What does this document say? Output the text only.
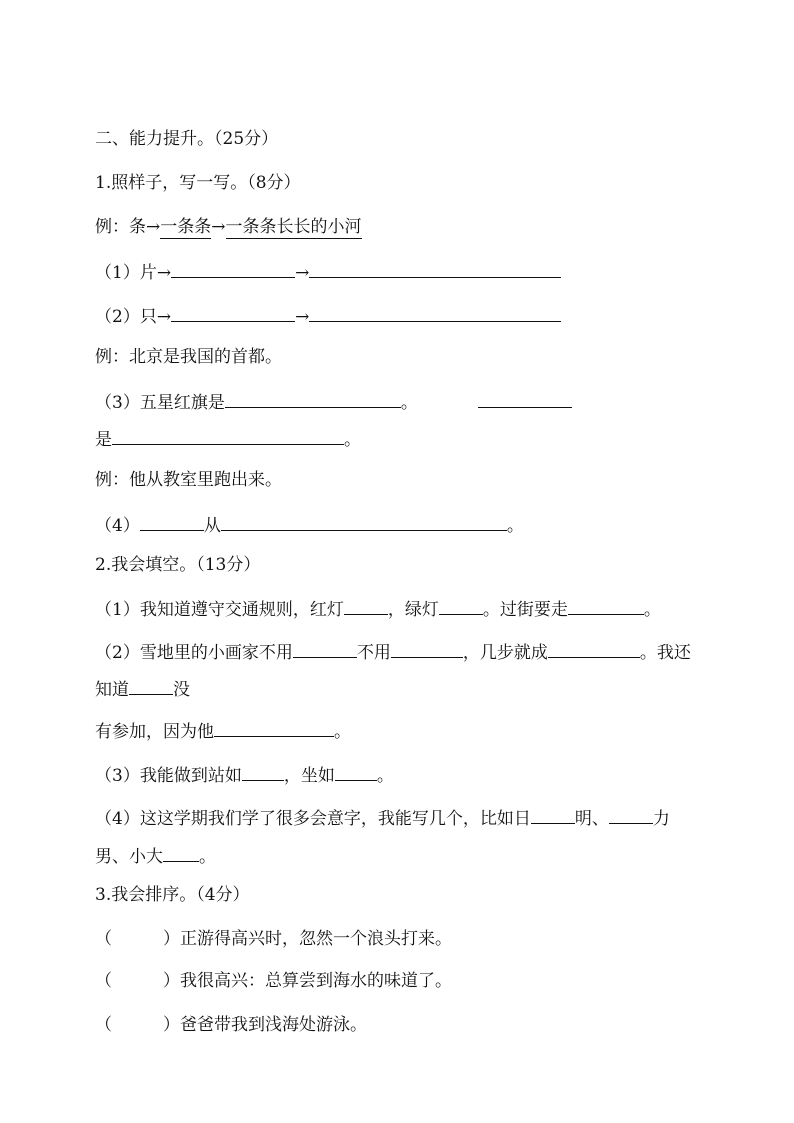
二、能力提升。（25分）
1.照样子，写一写。（8分）
例：条→一条条→一条条长长的小河
（1）片→	→
（2）只→	→
例：北京是我国的首都。
（3）五星红旗是	。
是	。
例：他从教室里跑出来。
（4）	从	。
2.我会填空。（13分）
（1）我知道遵守交通规则，红灯	，绿灯	。过街要走	。
（2）雪地里的小画家不用	不用	，几步就成	。我还
知道	没
有参加，因为他	。
（3）我能做到站如 ，坐如 。
（4）这这学期我们学了很多会意字，我能写几个，比如日	明、	力
男、小大 。
3.我会排序。（4分）
（	）正游得高兴时，忽然一个浪头打来。
（	）我很高兴：总算尝到海水的味道了。
（	）爸爸带我到浅海处游泳。
